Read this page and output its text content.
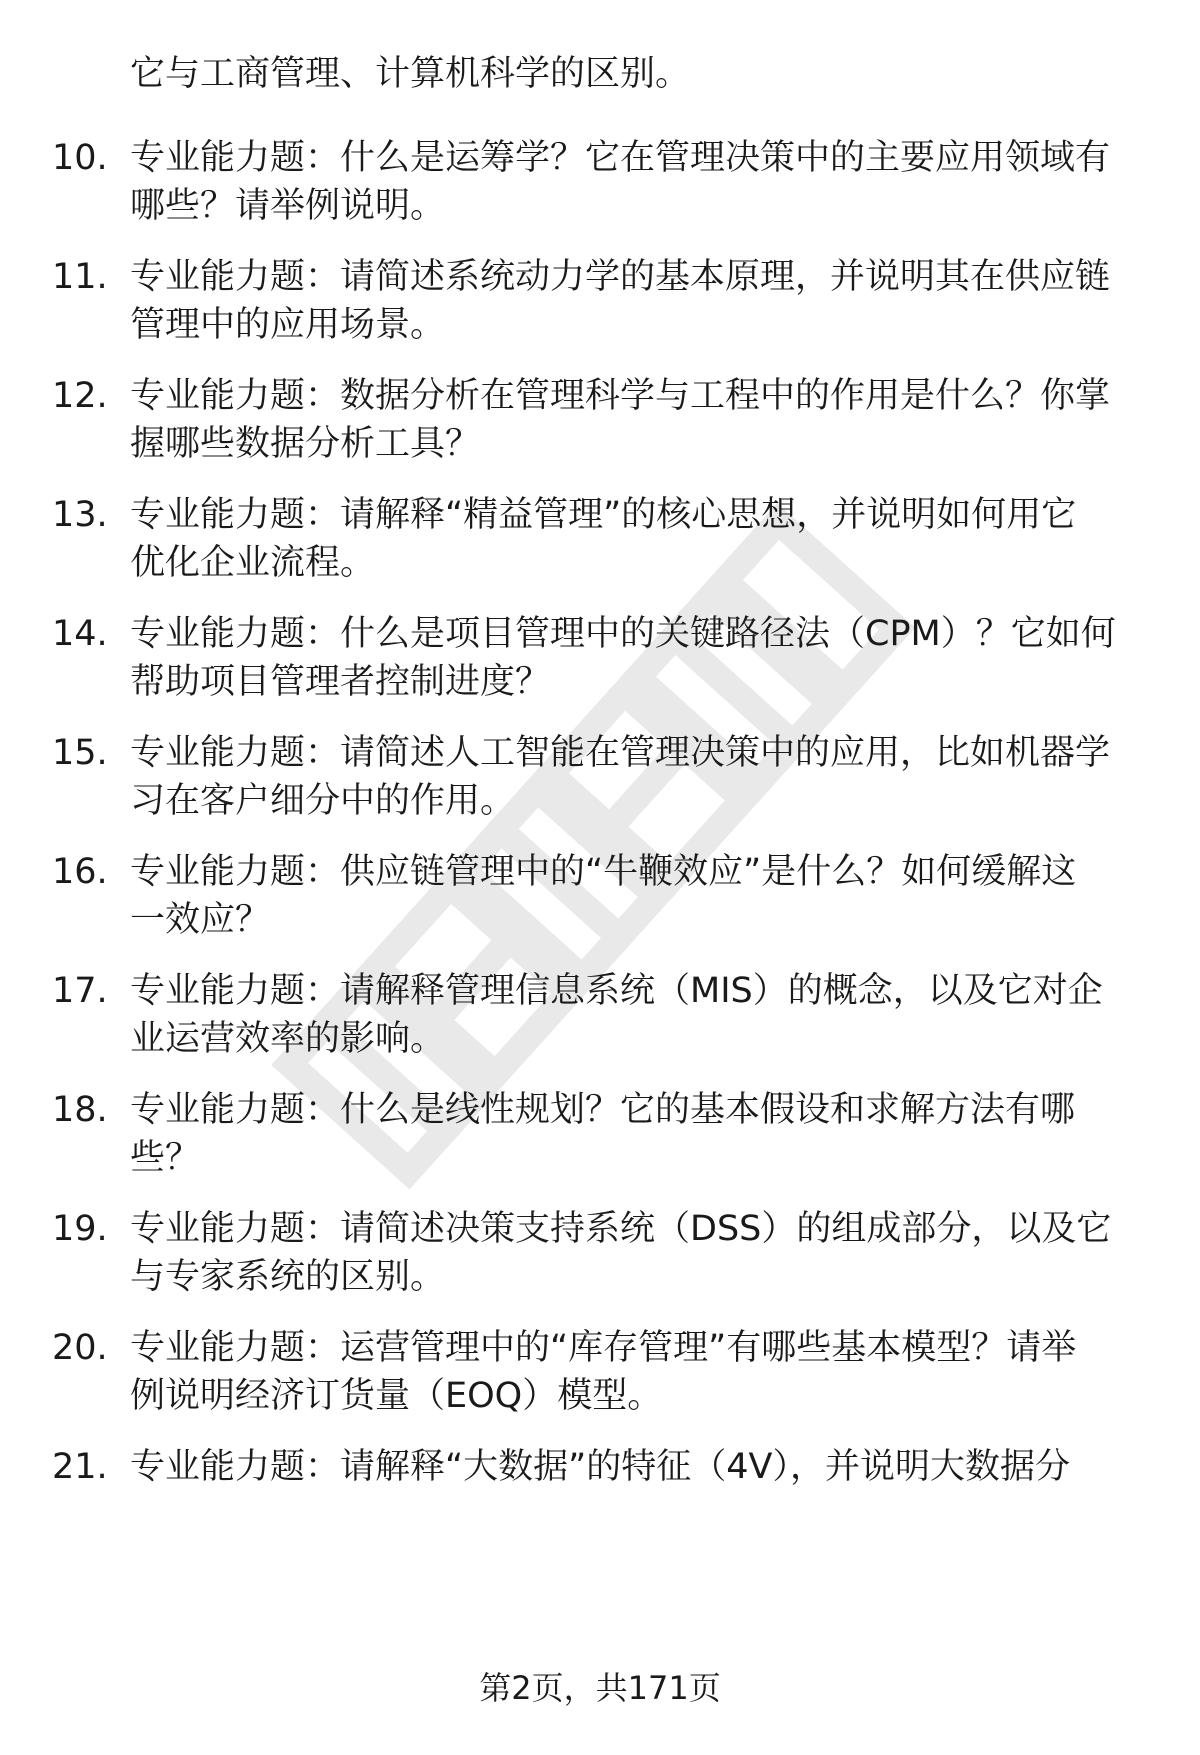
它与工商管理、计算机科学的区别。
10. 专业能力题：什么是运筹学？它在管理决策中的主要应用领域有
哪些？请举例说明。
11. 专业能力题：请简述系统动力学的基本原理，并说明其在供应链
管理中的应用场景。
12. 专业能力题：数据分析在管理科学与工程中的作用是什么？你掌
握哪些数据分析工具？
13. 专业能力题：请解释“精益管理”的核心思想，并说明如何用它
优化企业流程。
14. 专业能力题：什么是项目管理中的关键路径法（CPM）？它如何
帮助项目管理者控制进度？
15. 专业能力题：请简述人工智能在管理决策中的应用，比如机器学
习在客户细分中的作用。
16. 专业能力题：供应链管理中的“牛鞭效应”是什么？如何缓解这
一效应？
17. 专业能力题：请解释管理信息系统（MIS）的概念，以及它对企
业运营效率的影响。
18. 专业能力题：什么是线性规划？它的基本假设和求解方法有哪
些？
19. 专业能力题：请简述决策支持系统（DSS）的组成部分，以及它
与专家系统的区别。
20. 专业能力题：运营管理中的“库存管理”有哪些基本模型？请举
例说明经济订货量（EOQ）模型。
21. 专业能力题：请解释“大数据”的特征（4V），并说明大数据分
第2页，共171页
